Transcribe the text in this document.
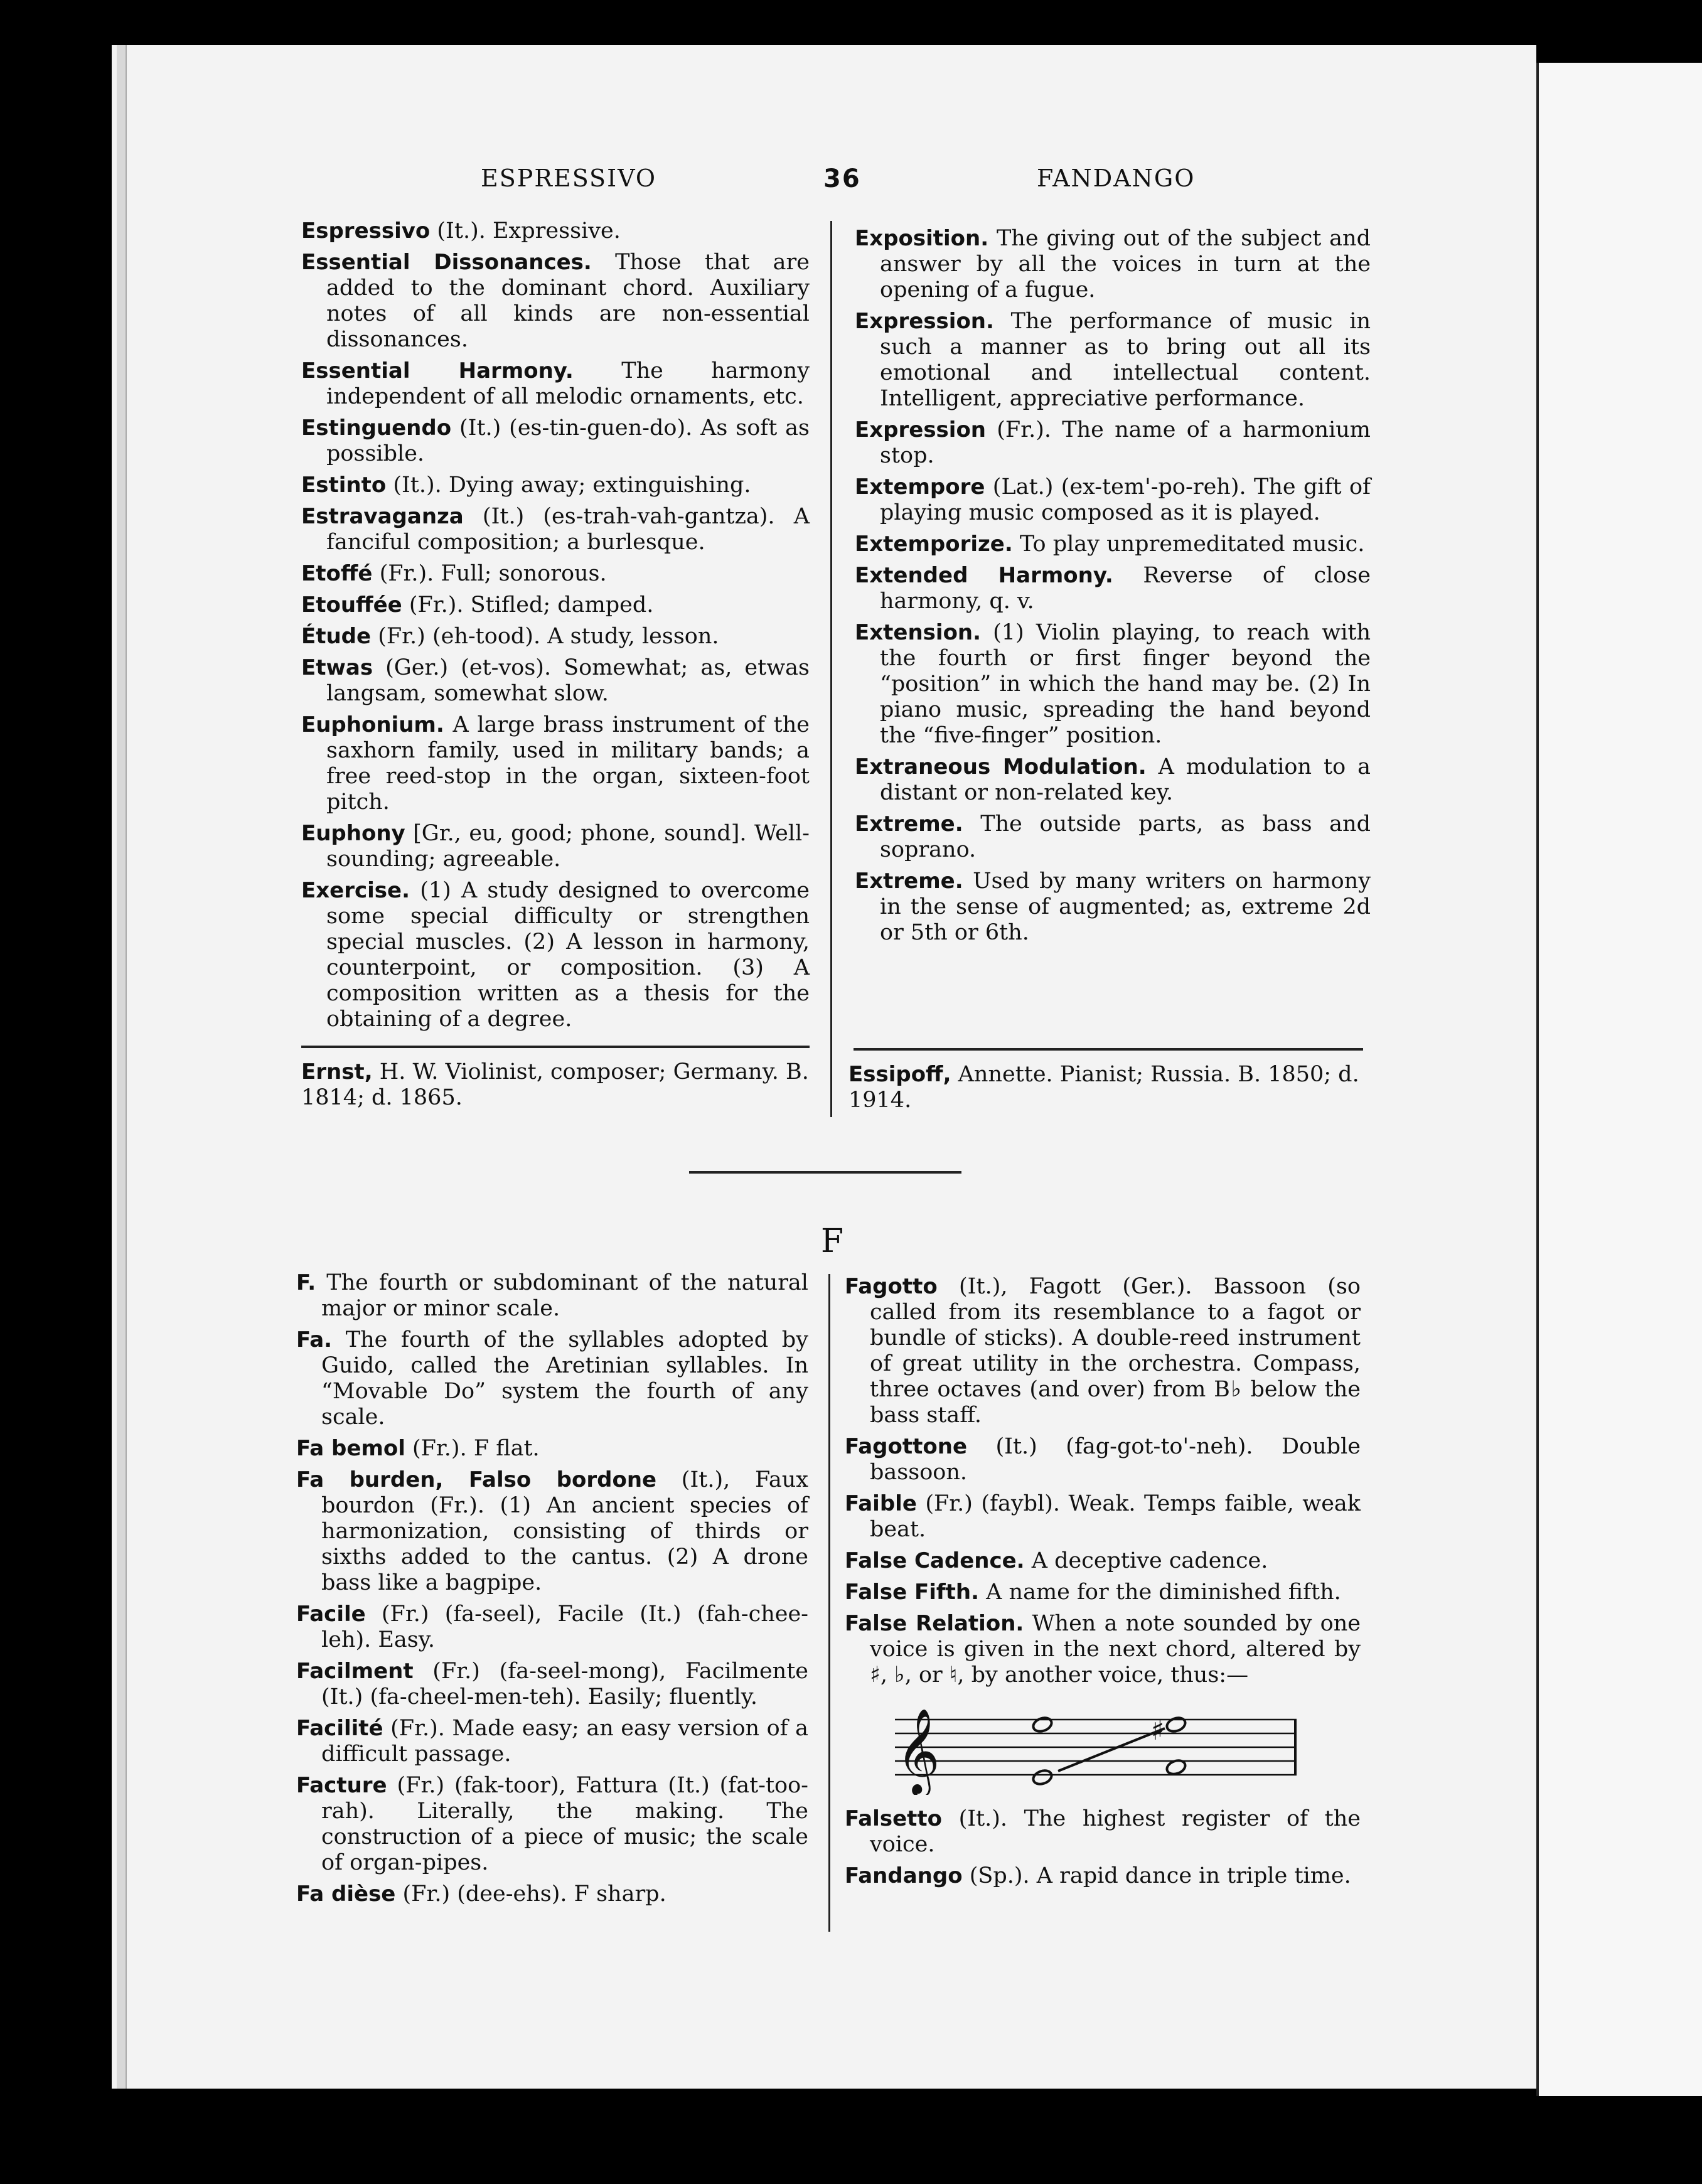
ESPRESSIVO	36	FANDANGO

Espressivo (It.). Expressive.

Essential Dissonances. Those that are added to the dominant chord. Auxiliary notes of all kinds are non-essential dissonances.

Essential Harmony. The harmony independent of all melodic ornaments, etc.

Estinguendo (It.) (es-tin-guen-do). As soft as possible.

Estinto (It.). Dying away; extinguishing.

Estravaganza (It.) (es-trah-vah-gantza). A fanciful composition; a burlesque.

Etoffé (Fr.). Full; sonorous.

Etouffée (Fr.). Stifled; damped.

Étude (Fr.) (eh-tood). A study, lesson.

Etwas (Ger.) (et-vos). Somewhat; as, etwas langsam, somewhat slow.

Euphonium. A large brass instrument of the saxhorn family, used in military bands; a free reed-stop in the organ, sixteen-foot pitch.

Euphony [Gr., eu, good; phone, sound]. Well-sounding; agreeable.

Exercise. (1) A study designed to overcome some special difficulty or strengthen special muscles. (2) A lesson in harmony, counterpoint, or composition. (3) A composition written as a thesis for the obtaining of a degree.

Exposition. The giving out of the subject and answer by all the voices in turn at the opening of a fugue.

Expression. The performance of music in such a manner as to bring out all its emotional and intellectual content. Intelligent, appreciative performance.

Expression (Fr.). The name of a harmonium stop.

Extempore (Lat.) (ex-tem'-po-reh). The gift of playing music composed as it is played.

Extemporize. To play unpremeditated music.

Extended Harmony. Reverse of close harmony, q. v.

Extension. (1) Violin playing, to reach with the fourth or first finger beyond the “position” in which the hand may be. (2) In piano music, spreading the hand beyond the “five-finger” position.

Extraneous Modulation. A modulation to a distant or non-related key.

Extreme. The outside parts, as bass and soprano.

Extreme. Used by many writers on harmony in the sense of augmented; as, extreme 2d or 5th or 6th.

Ernst, H. W. Violinist, composer; Germany. B. 1814; d. 1865.
Essipoff, Annette. Pianist; Russia. B. 1850; d. 1914.
F

F. The fourth or subdominant of the natural major or minor scale.

Fa. The fourth of the syllables adopted by Guido, called the Aretinian syllables. In “Movable Do” system the fourth of any scale.

Fa bemol (Fr.). F flat.

Fa burden, Falso bordone (It.), Faux bourdon (Fr.). (1) An ancient species of harmonization, consisting of thirds or sixths added to the cantus. (2) A drone bass like a bagpipe.

Facile (Fr.) (fa-seel), Facile (It.) (fah-chee-leh). Easy.

Facilment (Fr.) (fa-seel-mong), Facilmente (It.) (fa-cheel-men-teh). Easily; fluently.

Facilité (Fr.). Made easy; an easy version of a difficult passage.

Facture (Fr.) (fak-toor), Fattura (It.) (fat-too-rah). Literally, the making. The construction of a piece of music; the scale of organ-pipes.

Fa dièse (Fr.) (dee-ehs). F sharp.

Fagotto (It.), Fagott (Ger.). Bassoon (so called from its resemblance to a fagot or bundle of sticks). A double-reed instrument of great utility in the orchestra. Compass, three octaves (and over) from B♭ below the bass staff.

Fagottone (It.) (fag-got-to'-neh). Double bassoon.

Faible (Fr.) (faybl). Weak. Temps faible, weak beat.

False Cadence. A deceptive cadence.

False Fifth. A name for the diminished fifth.

False Relation. When a note sounded by one voice is given in the next chord, altered by ♯, ♭, or ♮, by another voice, thus:—

𝄞	♯

Falsetto (It.). The highest register of the voice.

Fandango (Sp.). A rapid dance in triple time.
